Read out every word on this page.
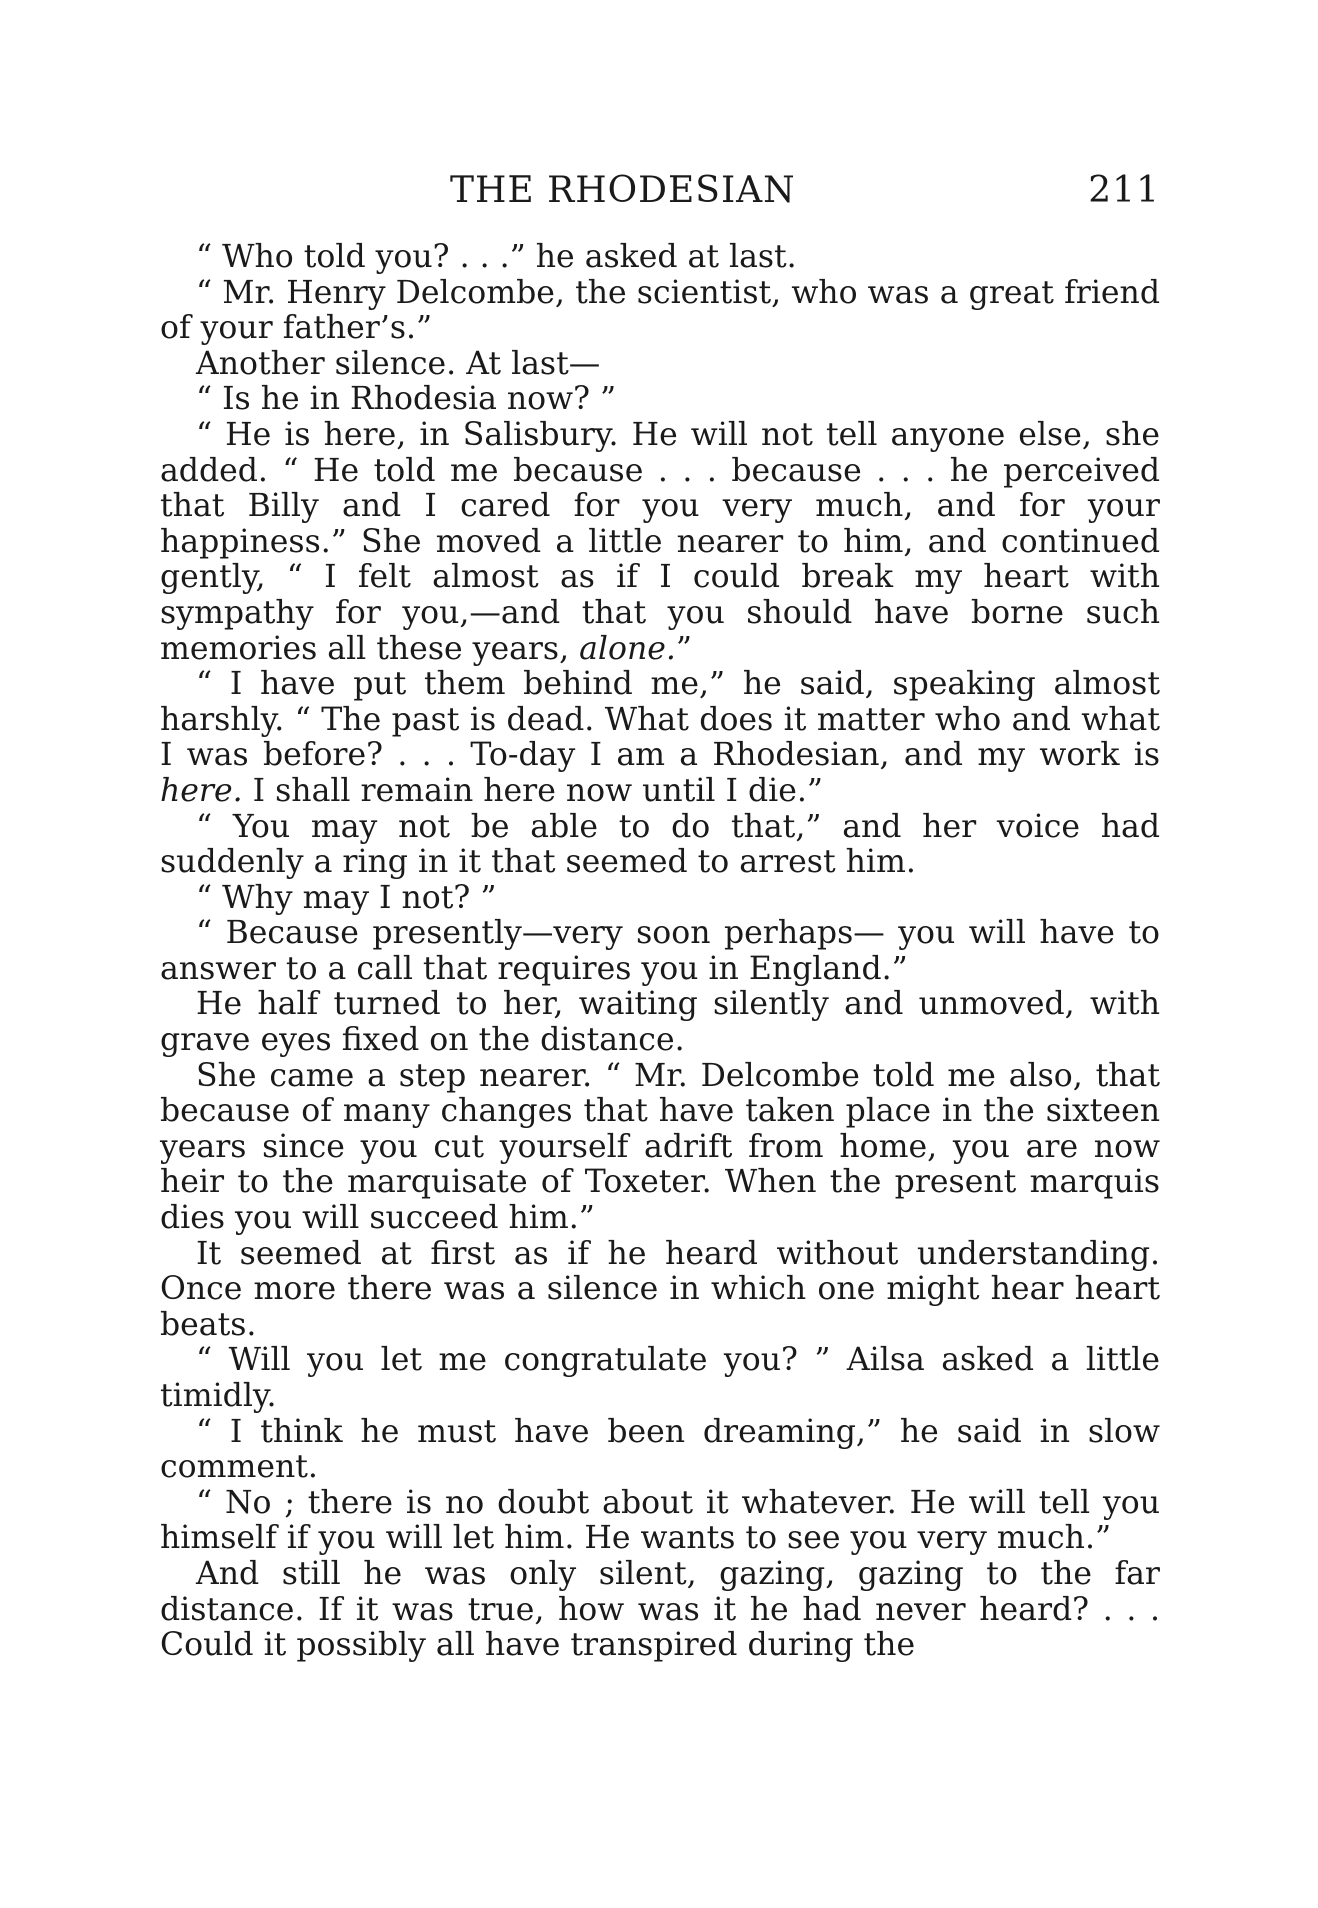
THE RHODESIAN	211

“ Who told you? . . .” he asked at last.

“ Mr. Henry Delcombe, the scientist, who was a great friend of your father’s.”

Another silence. At last—

“ Is he in Rhodesia now? ”

“ He is here, in Salisbury. He will not tell anyone else, she added. “ He told me because . . . because . . . he perceived that Billy and I cared for you very much, and for your happiness.” She moved a little nearer to him, and continued gently, “ I felt almost as if I could break my heart with sympathy for you,—and that you should have borne such memories all these years, alone.”

“ I have put them behind me,” he said, speaking almost harshly. “ The past is dead. What does it matter who and what I was before? . . . To-day I am a Rhodesian, and my work is here. I shall remain here now until I die.”

“ You may not be able to do that,” and her voice had suddenly a ring in it that seemed to arrest him.

“ Why may I not? ”

“ Because presently—very soon perhaps— you will have to answer to a call that requires you in England.”

He half turned to her, waiting silently and unmoved, with grave eyes fixed on the distance.

She came a step nearer. “ Mr. Delcombe told me also, that because of many changes that have taken place in the sixteen years since you cut yourself adrift from home, you are now heir to the marquisate of Toxeter. When the present marquis dies you will succeed him.”

It seemed at first as if he heard without understanding. Once more there was a silence in which one might hear heart beats.

“ Will you let me congratulate you? ” Ailsa asked a little timidly.

“ I think he must have been dreaming,” he said in slow comment.

“ No ; there is no doubt about it whatever. He will tell you himself if you will let him. He wants to see you very much.”

And still he was only silent, gazing, gazing to the far distance. If it was true, how was it he had never heard? . . . Could it possibly all have transpired during the
